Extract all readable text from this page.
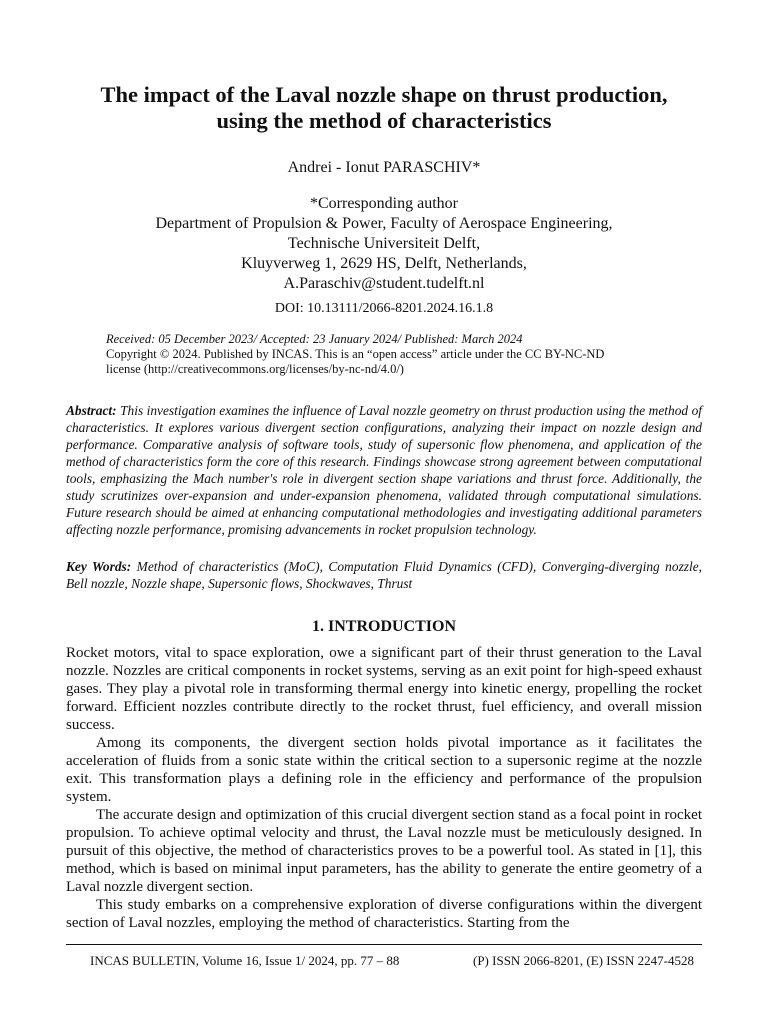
The impact of the Laval nozzle shape on thrust production,
using the method of characteristics
Andrei - Ionut PARASCHIV*
*Corresponding author
Department of Propulsion & Power, Faculty of Aerospace Engineering,
Technische Universiteit Delft,
Kluyverweg 1, 2629 HS, Delft, Netherlands,
A.Paraschiv@student.tudelft.nl
DOI: 10.13111/2066-8201.2024.16.1.8
Received: 05 December 2023/ Accepted: 23 January 2024/ Published: March 2024
Copyright © 2024. Published by INCAS. This is an “open access” article under the CC BY-NC-ND
license (http://creativecommons.org/licenses/by-nc-nd/4.0/)

Abstract: This investigation examines the influence of Laval nozzle geometry on thrust production using the method of characteristics. It explores various divergent section configurations, analyzing their impact on nozzle design and performance. Comparative analysis of software tools, study of supersonic flow phenomena, and application of the method of characteristics form the core of this research. Findings showcase strong agreement between computational tools, emphasizing the Mach number's role in divergent section shape variations and thrust force. Additionally, the study scrutinizes over-expansion and under-expansion phenomena, validated through computational simulations. Future research should be aimed at enhancing computational methodologies and investigating additional parameters affecting nozzle performance, promising advancements in rocket propulsion technology.

Key Words: Method of characteristics (MoC), Computation Fluid Dynamics (CFD), Converging-diverging nozzle, Bell nozzle, Nozzle shape, Supersonic flows, Shockwaves, Thrust

1. INTRODUCTION

Rocket motors, vital to space exploration, owe a significant part of their thrust generation to the Laval nozzle. Nozzles are critical components in rocket systems, serving as an exit point for high-speed exhaust gases. They play a pivotal role in transforming thermal energy into kinetic energy, propelling the rocket forward. Efficient nozzles contribute directly to the rocket thrust, fuel efficiency, and overall mission success.

Among its components, the divergent section holds pivotal importance as it facilitates the acceleration of fluids from a sonic state within the critical section to a supersonic regime at the nozzle exit. This transformation plays a defining role in the efficiency and performance of the propulsion system.

The accurate design and optimization of this crucial divergent section stand as a focal point in rocket propulsion. To achieve optimal velocity and thrust, the Laval nozzle must be meticulously designed. In pursuit of this objective, the method of characteristics proves to be a powerful tool. As stated in [1], this method, which is based on minimal input parameters, has the ability to generate the entire geometry of a Laval nozzle divergent section.

This study embarks on a comprehensive exploration of diverse configurations within the divergent section of Laval nozzles, employing the method of characteristics. Starting from the

INCAS BULLETIN, Volume 16, Issue 1/ 2024, pp. 77 – 88	(P) ISSN 2066-8201, (E) ISSN 2247-4528
